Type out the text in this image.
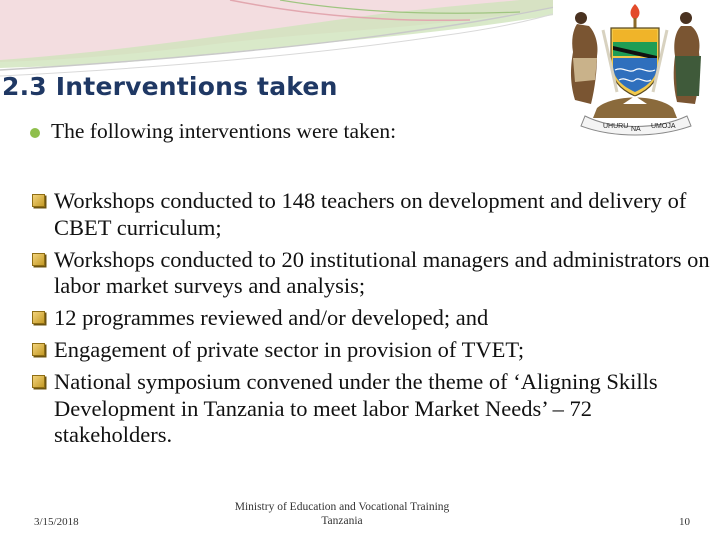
2.3 Interventions taken
The following interventions were taken:
Workshops conducted to 148 teachers on development and delivery of CBET curriculum;
Workshops conducted to 20 institutional managers and administrators on labor market surveys and analysis;
12 programmes reviewed and/or developed; and
Engagement of private sector in provision of TVET;
National symposium convened under the theme of ‘Aligning Skills Development in Tanzania to meet labor Market Needs’ – 72 stakeholders.
UHURU NA UMOJA
3/15/2018
Ministry of Education and Vocational Training
Tanzania	10
